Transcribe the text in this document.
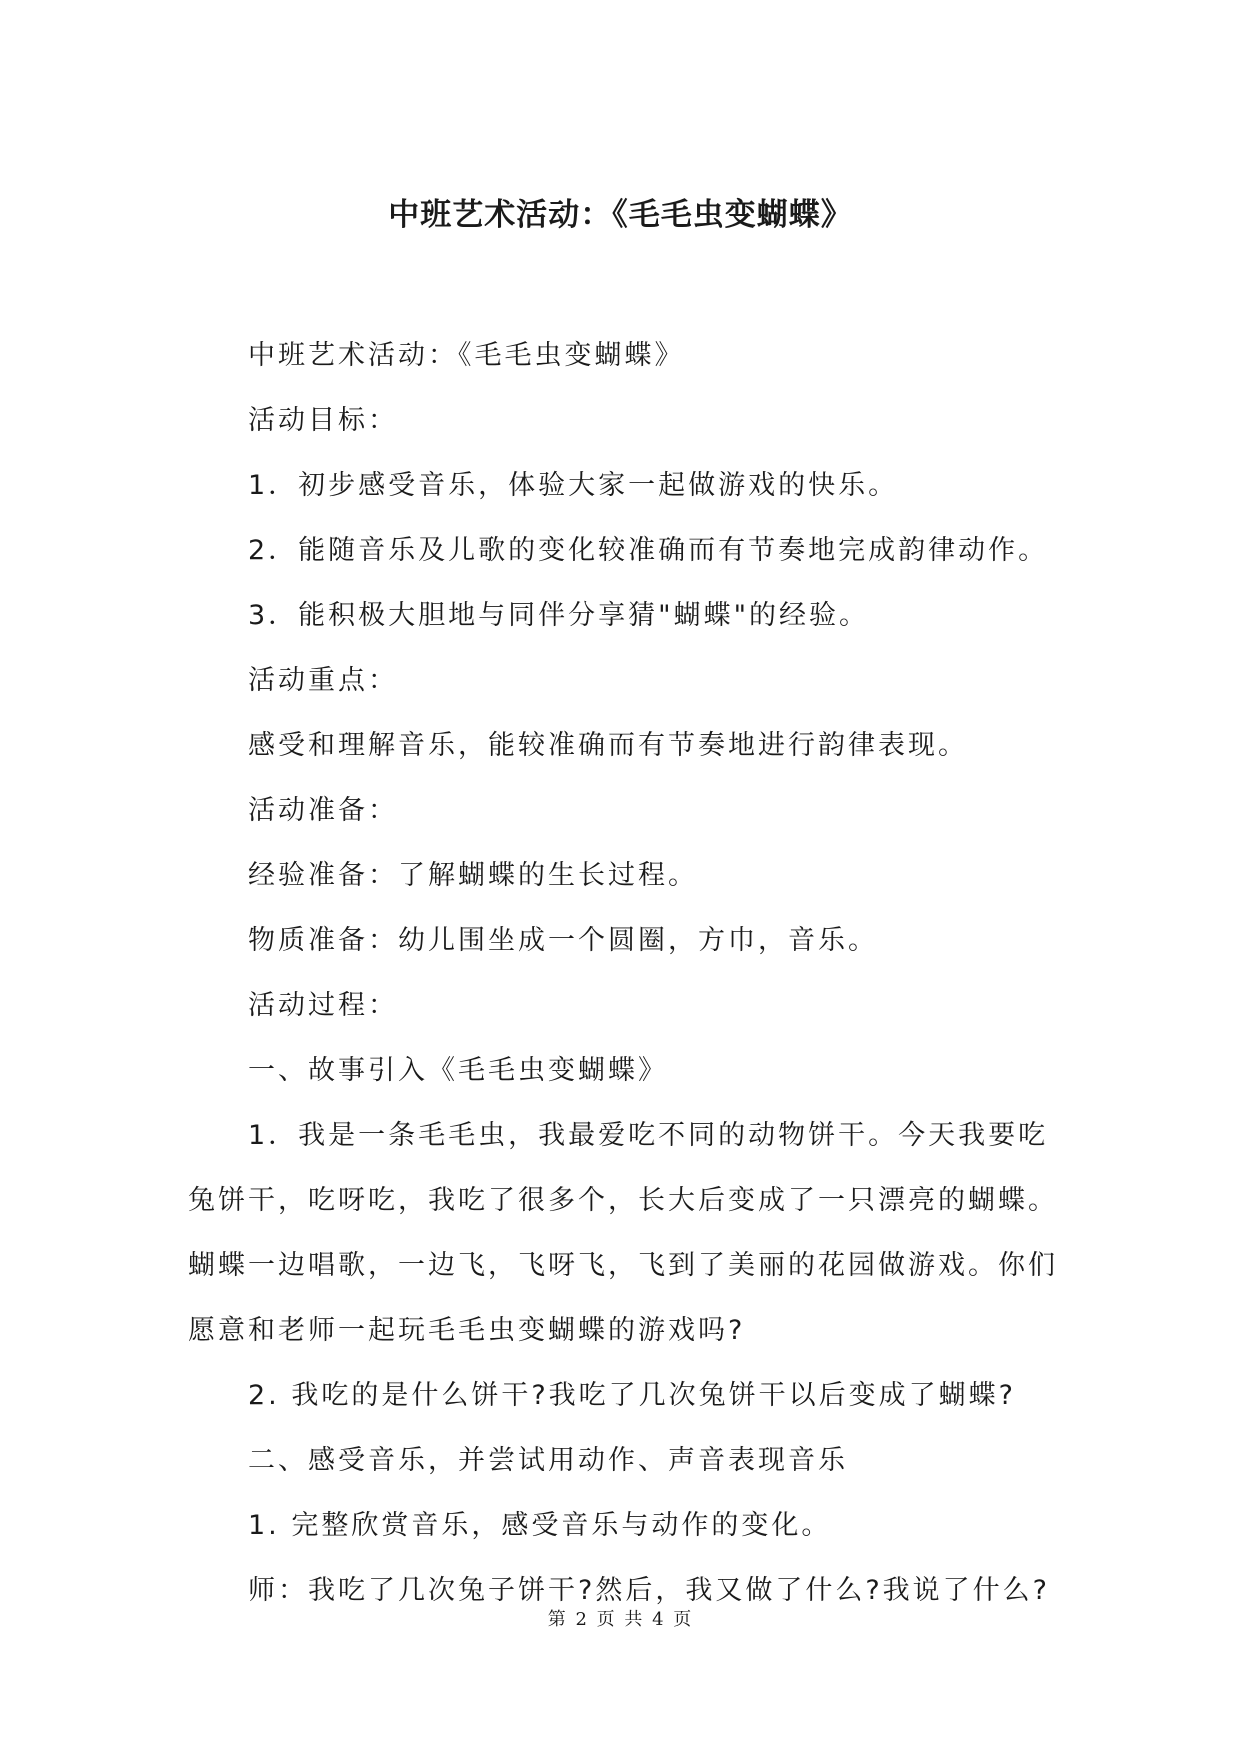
中班艺术活动：《毛毛虫变蝴蝶》

中班艺术活动：《毛毛虫变蝴蝶》

活动目标：

1．初步感受音乐，体验大家一起做游戏的快乐。

2．能随音乐及儿歌的变化较准确而有节奏地完成韵律动作。

3．能积极大胆地与同伴分享猜"蝴蝶"的经验。

活动重点：

感受和理解音乐，能较准确而有节奏地进行韵律表现。

活动准备：

经验准备：了解蝴蝶的生长过程。

物质准备：幼儿围坐成一个圆圈，方巾，音乐。

活动过程：

一、故事引入《毛毛虫变蝴蝶》

1．我是一条毛毛虫，我最爱吃不同的动物饼干。今天我要吃兔饼干，吃呀吃，我吃了很多个，长大后变成了一只漂亮的蝴蝶。蝴蝶一边唱歌，一边飞，飞呀飞，飞到了美丽的花园做游戏。你们愿意和老师一起玩毛毛虫变蝴蝶的游戏吗?

2. 我吃的是什么饼干?我吃了几次兔饼干以后变成了蝴蝶?

二、感受音乐，并尝试用动作、声音表现音乐

1. 完整欣赏音乐，感受音乐与动作的变化。

师：我吃了几次兔子饼干?然后，我又做了什么?我说了什么?

第 2 页 共 4 页
